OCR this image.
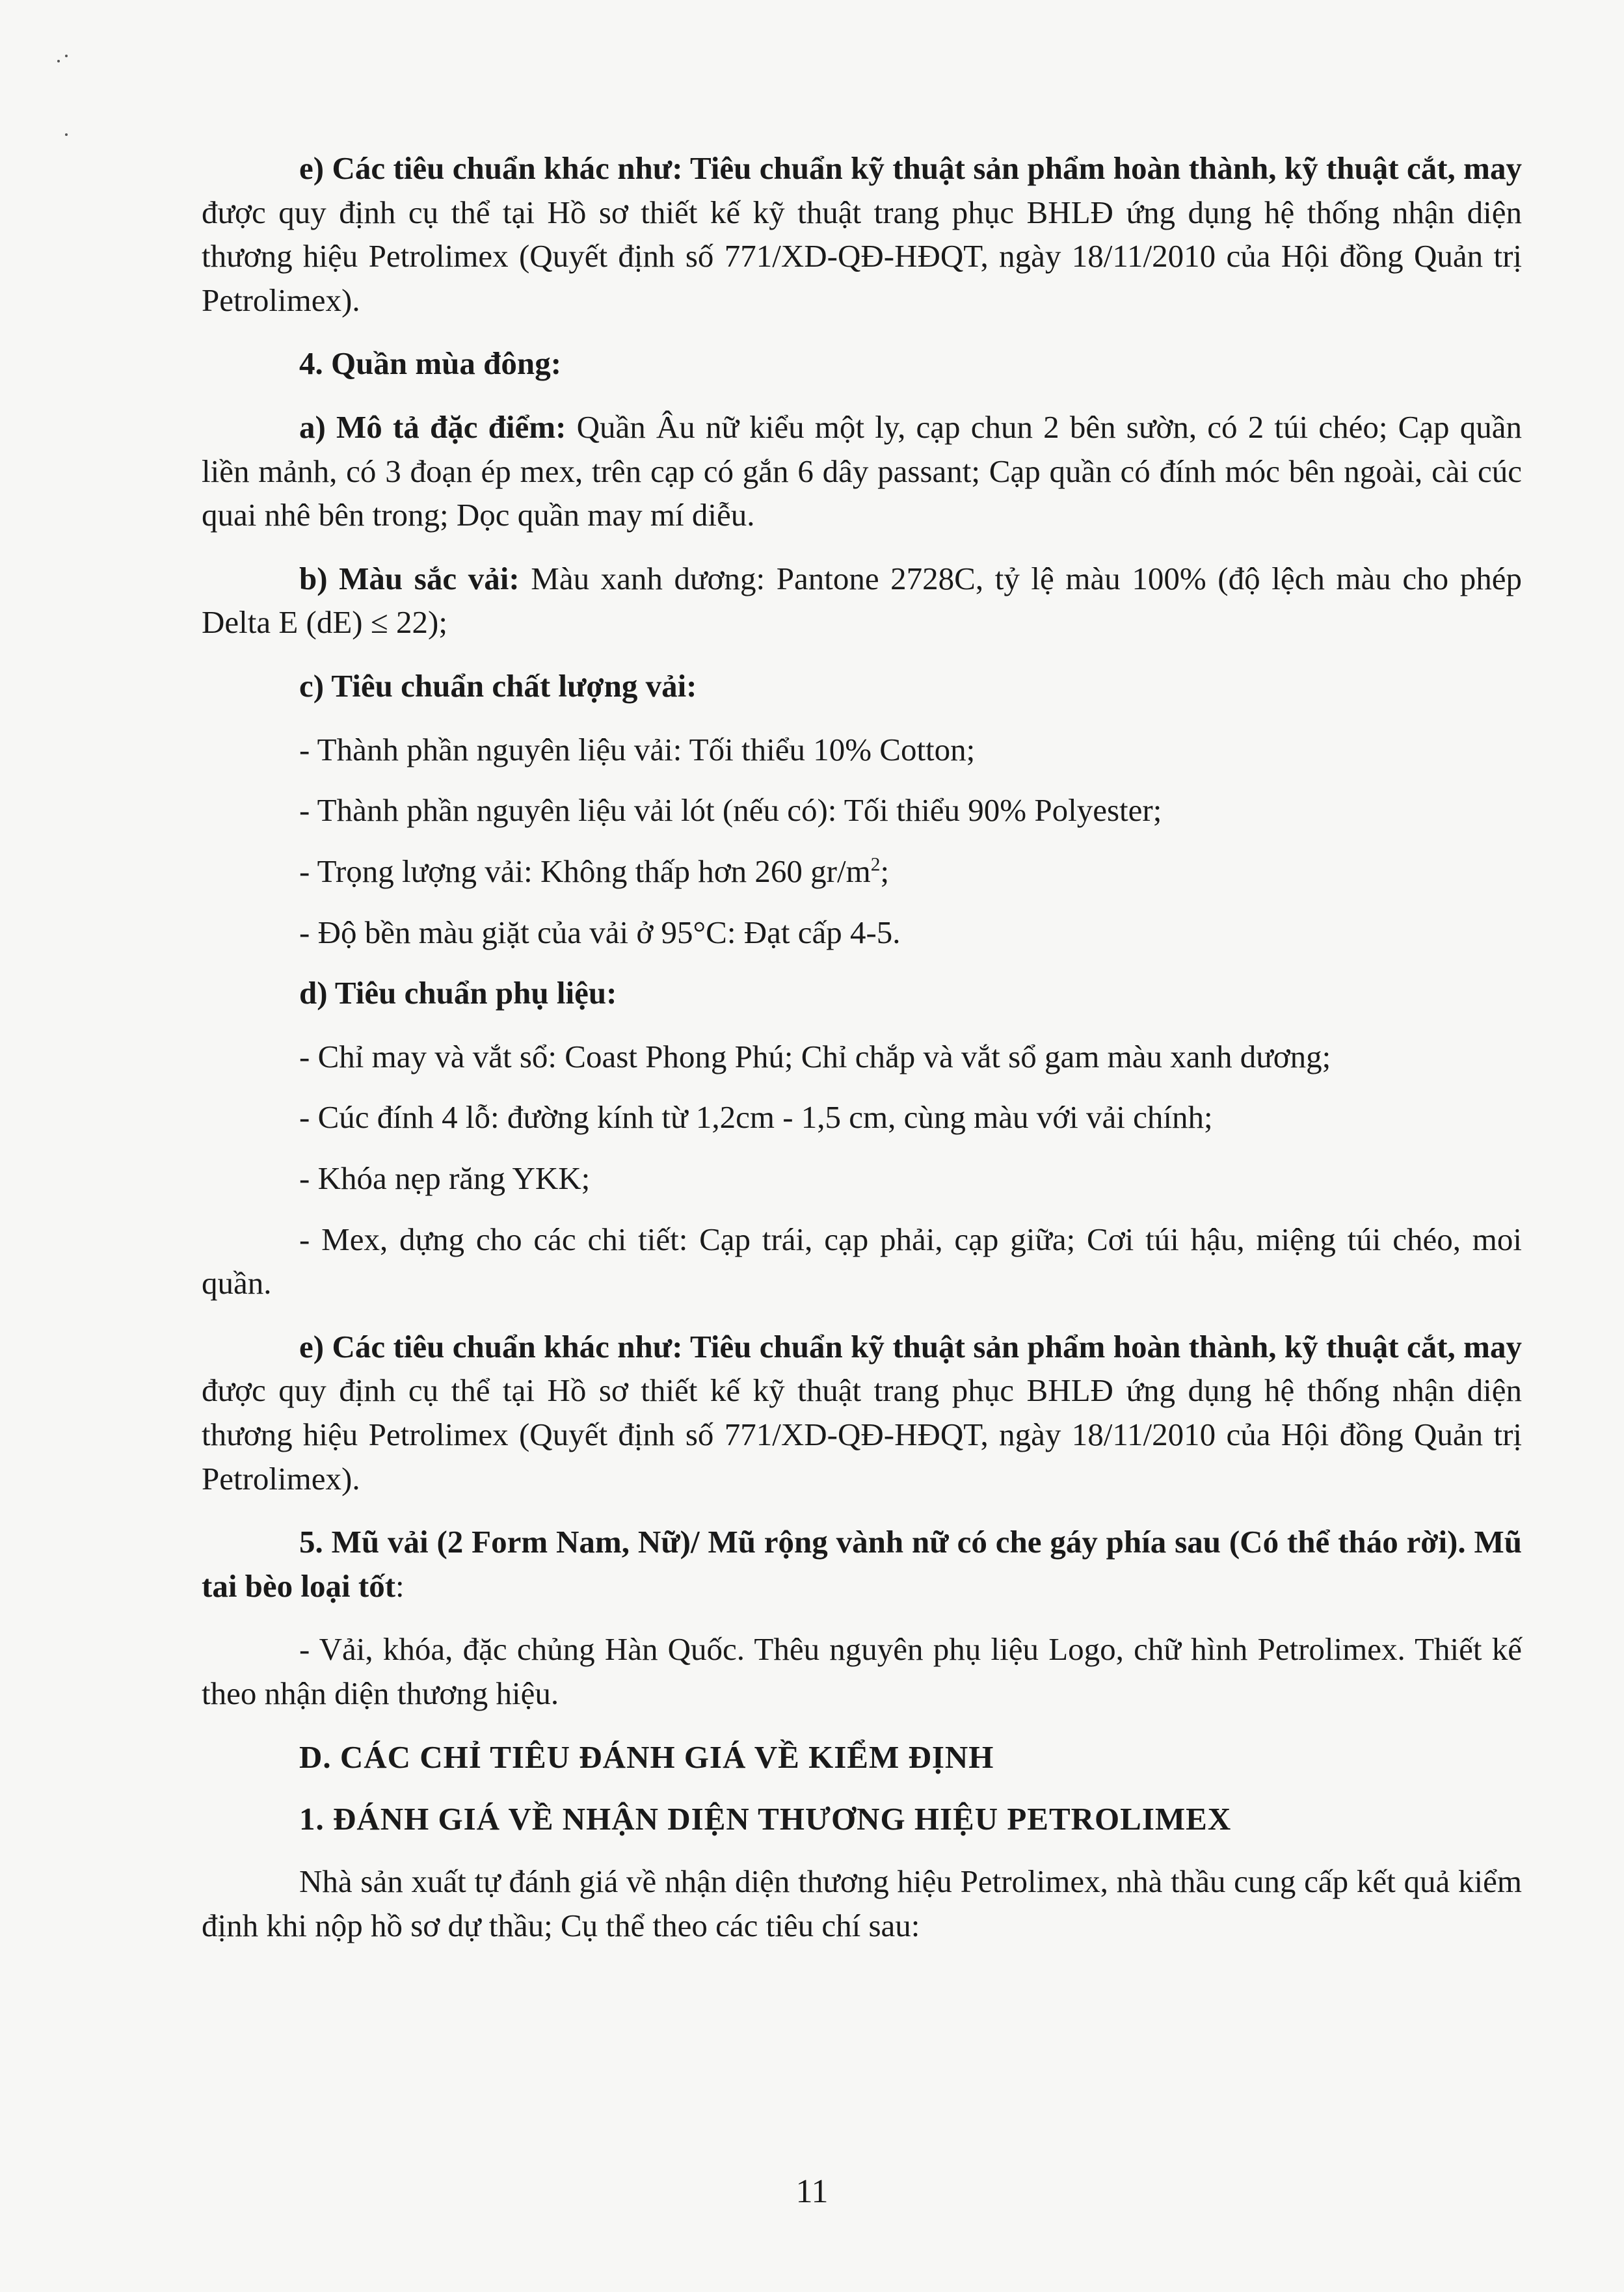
e) Các tiêu chuẩn khác như: Tiêu chuẩn kỹ thuật sản phẩm hoàn thành, kỹ thuật cắt, may được quy định cụ thể tại Hồ sơ thiết kế kỹ thuật trang phục BHLĐ ứng dụng hệ thống nhận diện thương hiệu Petrolimex (Quyết định số 771/XD-QĐ-HĐQT, ngày 18/11/2010 của Hội đồng Quản trị Petrolimex).

4. Quần mùa đông:

a) Mô tả đặc điểm: Quần Âu nữ kiểu một ly, cạp chun 2 bên sườn, có 2 túi chéo; Cạp quần liền mảnh, có 3 đoạn ép mex, trên cạp có gắn 6 dây passant; Cạp quần có đính móc bên ngoài, cài cúc quai nhê bên trong; Dọc quần may mí diễu.

b) Màu sắc vải: Màu xanh dương: Pantone 2728C, tỷ lệ màu 100% (độ lệch màu cho phép Delta E (dE) ≤ 22);

c) Tiêu chuẩn chất lượng vải:

- Thành phần nguyên liệu vải: Tối thiểu 10% Cotton;

- Thành phần nguyên liệu vải lót (nếu có): Tối thiểu 90% Polyester;

- Trọng lượng vải: Không thấp hơn 260 $gr/m^2$;

- Độ bền màu giặt của vải ở 95°C: Đạt cấp 4-5.

d) Tiêu chuẩn phụ liệu:

- Chỉ may và vắt sổ: Coast Phong Phú; Chỉ chắp và vắt sổ gam màu xanh dương;

- Cúc đính 4 lỗ: đường kính từ 1,2cm - 1,5 cm, cùng màu với vải chính;

- Khóa nẹp răng YKK;

- Mex, dựng cho các chi tiết: Cạp trái, cạp phải, cạp giữa; Cơi túi hậu, miệng túi chéo, moi quần.

e) Các tiêu chuẩn khác như: Tiêu chuẩn kỹ thuật sản phẩm hoàn thành, kỹ thuật cắt, may được quy định cụ thể tại Hồ sơ thiết kế kỹ thuật trang phục BHLĐ ứng dụng hệ thống nhận diện thương hiệu Petrolimex (Quyết định số 771/XD-QĐ-HĐQT, ngày 18/11/2010 của Hội đồng Quản trị Petrolimex).

5. Mũ vải (2 Form Nam, Nữ)/ Mũ rộng vành nữ có che gáy phía sau (Có thể tháo rời). Mũ tai bèo loại tốt:

- Vải, khóa, đặc chủng Hàn Quốc. Thêu nguyên phụ liệu Logo, chữ hình Petrolimex. Thiết kế theo nhận diện thương hiệu.

D. CÁC CHỈ TIÊU ĐÁNH GIÁ VỀ KIỂM ĐỊNH

1. ĐÁNH GIÁ VỀ NHẬN DIỆN THƯƠNG HIỆU PETROLIMEX

Nhà sản xuất tự đánh giá về nhận diện thương hiệu Petrolimex, nhà thầu cung cấp kết quả kiểm định khi nộp hồ sơ dự thầu; Cụ thể theo các tiêu chí sau:

11
